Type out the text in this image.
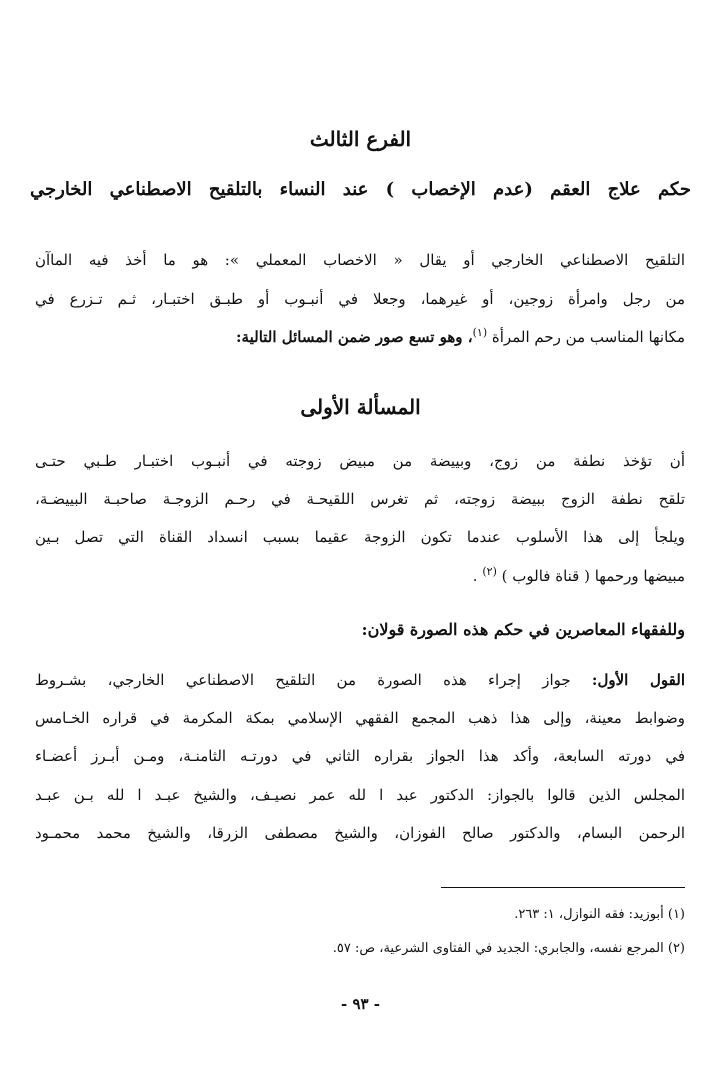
الفرع الثالث
حكم علاج العقم (عدم الإخصاب ) عند النساء بالتلقيح الاصطناعي الخارجي
التلقيح الاصطناعي الخارجي أو يقال « الاخصاب المعملي »: هو ما أخذ فيه الماآن
من رجل وامرأة زوجين، أو غيرهما، وجعلا في أنبـوب أو طبـق اختبـار، ثـم تـزرع في
مكانها المناسب من رحم المرأة $^{(١)}$، وهو تسع صور ضمن المسائل التالية:
المسألة الأولى
أن تؤخذ نطفة من زوج، وبييضة من مبيض زوجته في أنبـوب اختبـار طـبي حتـى
تلقح نطفة الزوج ببيضة زوجته، ثم تغرس اللقيحـة في رحـم الزوجـة صاحبـة البييضـة،
ويلجأ إلى هذا الأسلوب عندما تكون الزوجة عقيما بسبب انسداد القناة التي تصل بـين
مبيضها ورحمها ( قناة فالوب ) $^{(٢)}$ .
وللفقهاء المعاصرين في حكم هذه الصورة قولان:
القول الأول: جواز إجراء هذه الصورة من التلقيح الاصطناعي الخارجي، بشـروط
وضوابط معينة، وإلى هذا ذهب المجمع الفقهي الإسلامي بمكة المكرمة في قراره الخـامس
في دورته السابعة، وأكد هذا الجواز بقراره الثاني في دورتـه الثامنـة، ومـن أبـرز أعضـاء
المجلس الذين قالوا بالجواز: الدكتور عبد ا لله عمر نصيـف، والشيخ عبـد ا لله بـن عبـد
الرحمن البسام، والدكتور صالح الفوزان، والشيخ مصطفى الزرقا، والشيخ محمد محمـود
(١) أبوزيد: فقه النوازل، ١: ٢٦٣.
(٢) المرجع نفسه، والجابري: الجديد في الفتاوى الشرعية، ص: ٥٧.
- ٩٣ -
